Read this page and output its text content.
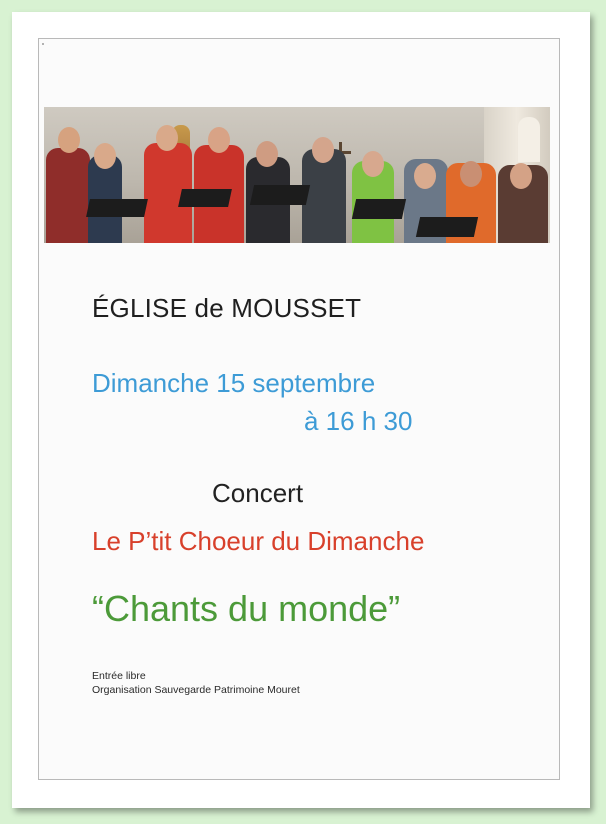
ÉGLISE de MOUSSET
Dimanche 15 septembre
à 16 h 30
Concert
Le P’tit Choeur du Dimanche
“Chants du monde”
Entrée libre
Organisation Sauvegarde Patrimoine Mouret
